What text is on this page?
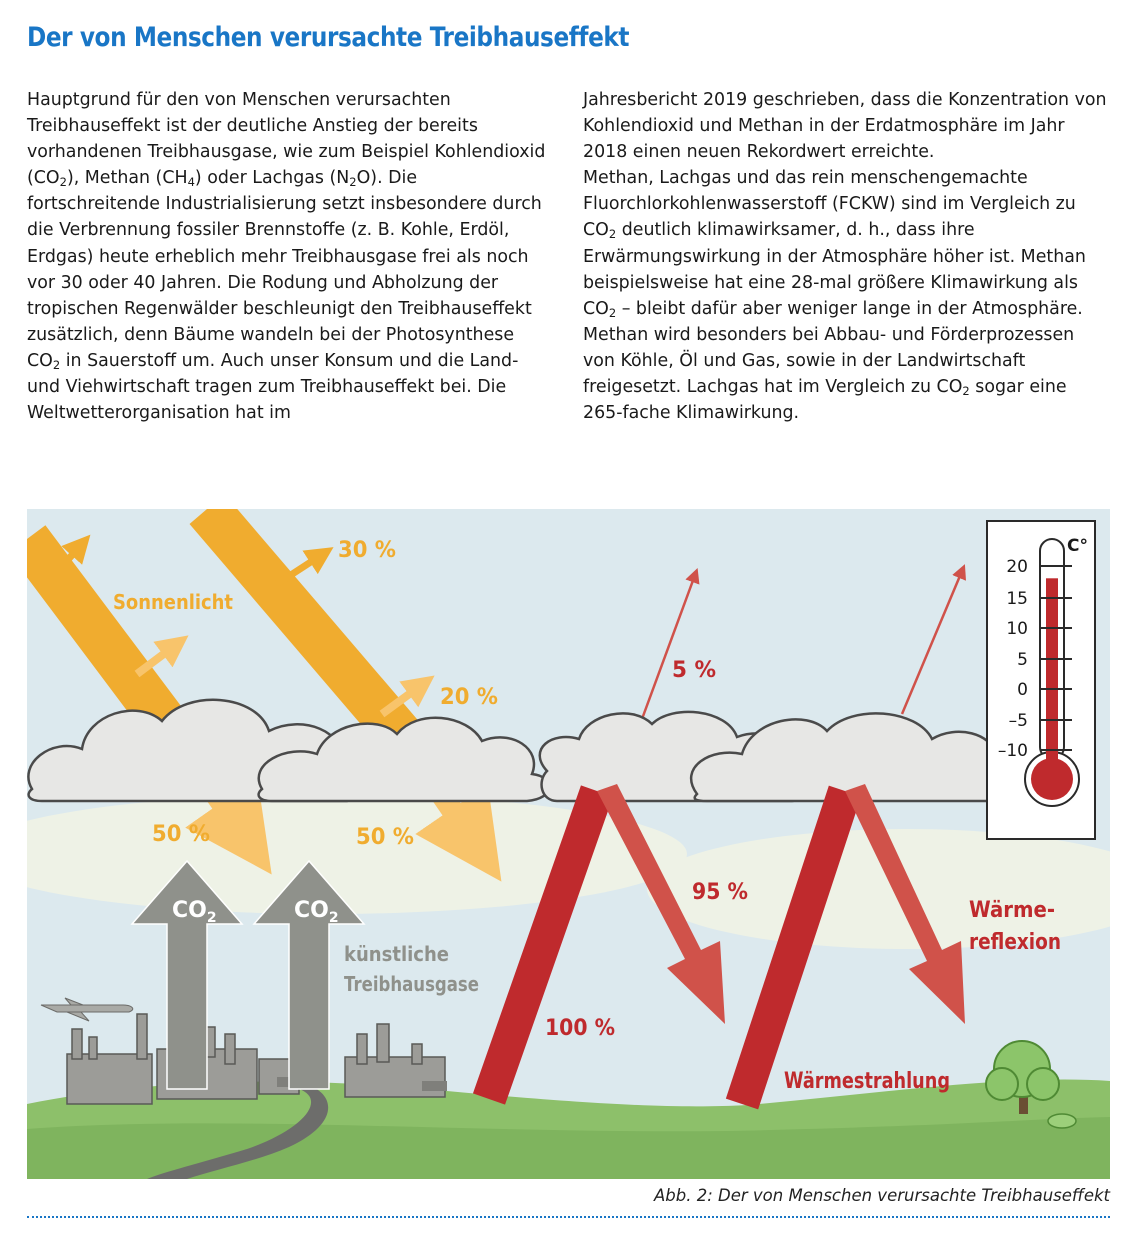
Der von Menschen verursachte Treibhauseffekt

Hauptgrund für den von Menschen verursachten Treibhauseffekt ist der deutliche Anstieg der bereits vorhandenen Treibhausgase, wie zum Beispiel Kohlendioxid $(CO_2)$, Methan $(CH_4)$ oder Lachgas $(N_2O)$. Die fortschreitende Industrialisierung setzt insbesondere durch die Verbrennung fossiler Brennstoffe (z. B. Kohle, Erdöl, Erdgas) heute erheblich mehr Treibhausgase frei als noch vor 30 oder 40 Jahren. Die Rodung und Abholzung der tropischen Regenwälder beschleunigt den Treibhauseffekt zusätzlich, denn Bäume wandeln bei der Photosynthese $CO_2$ in Sauerstoff um. Auch unser Konsum und die Land- und Viehwirtschaft tragen zum Treibhauseffekt bei. Die Weltwetterorganisation hat im

Jahresbericht 2019 geschrieben, dass die Konzentration von Kohlendioxid und Methan in der Erdatmosphäre im Jahr 2018 einen neuen Rekordwert erreichte.

Methan, Lachgas und das rein menschengemachte Fluorchlorkohlenwasserstoff (FCKW) sind im Vergleich zu $CO_2$ deutlich klimawirksamer, d. h., dass ihre Erwärmungswirkung in der Atmosphäre höher ist. Methan beispielsweise hat eine 28-mal größere Klimawirkung als $CO_2$ – bleibt dafür aber weniger lange in der Atmosphäre. Methan wird besonders bei Abbau- und Förderprozessen von Köhle, Öl und Gas, sowie in der Landwirtschaft freigesetzt. Lachgas hat im Vergleich zu $CO_2$ sogar eine 265-fache Klimawirkung.

C°
20
15
10
5
0
–5
–10
Sonnenlicht
30 %
20 %
50 %	50 %
5 %
95 %
100 %
Wärme-
reflexion
Wärmestrahlung
künstliche
Treibhausgase
$CO_2$	$CO_2$
Abb. 2: Der von Menschen verursachte Treibhauseffekt
